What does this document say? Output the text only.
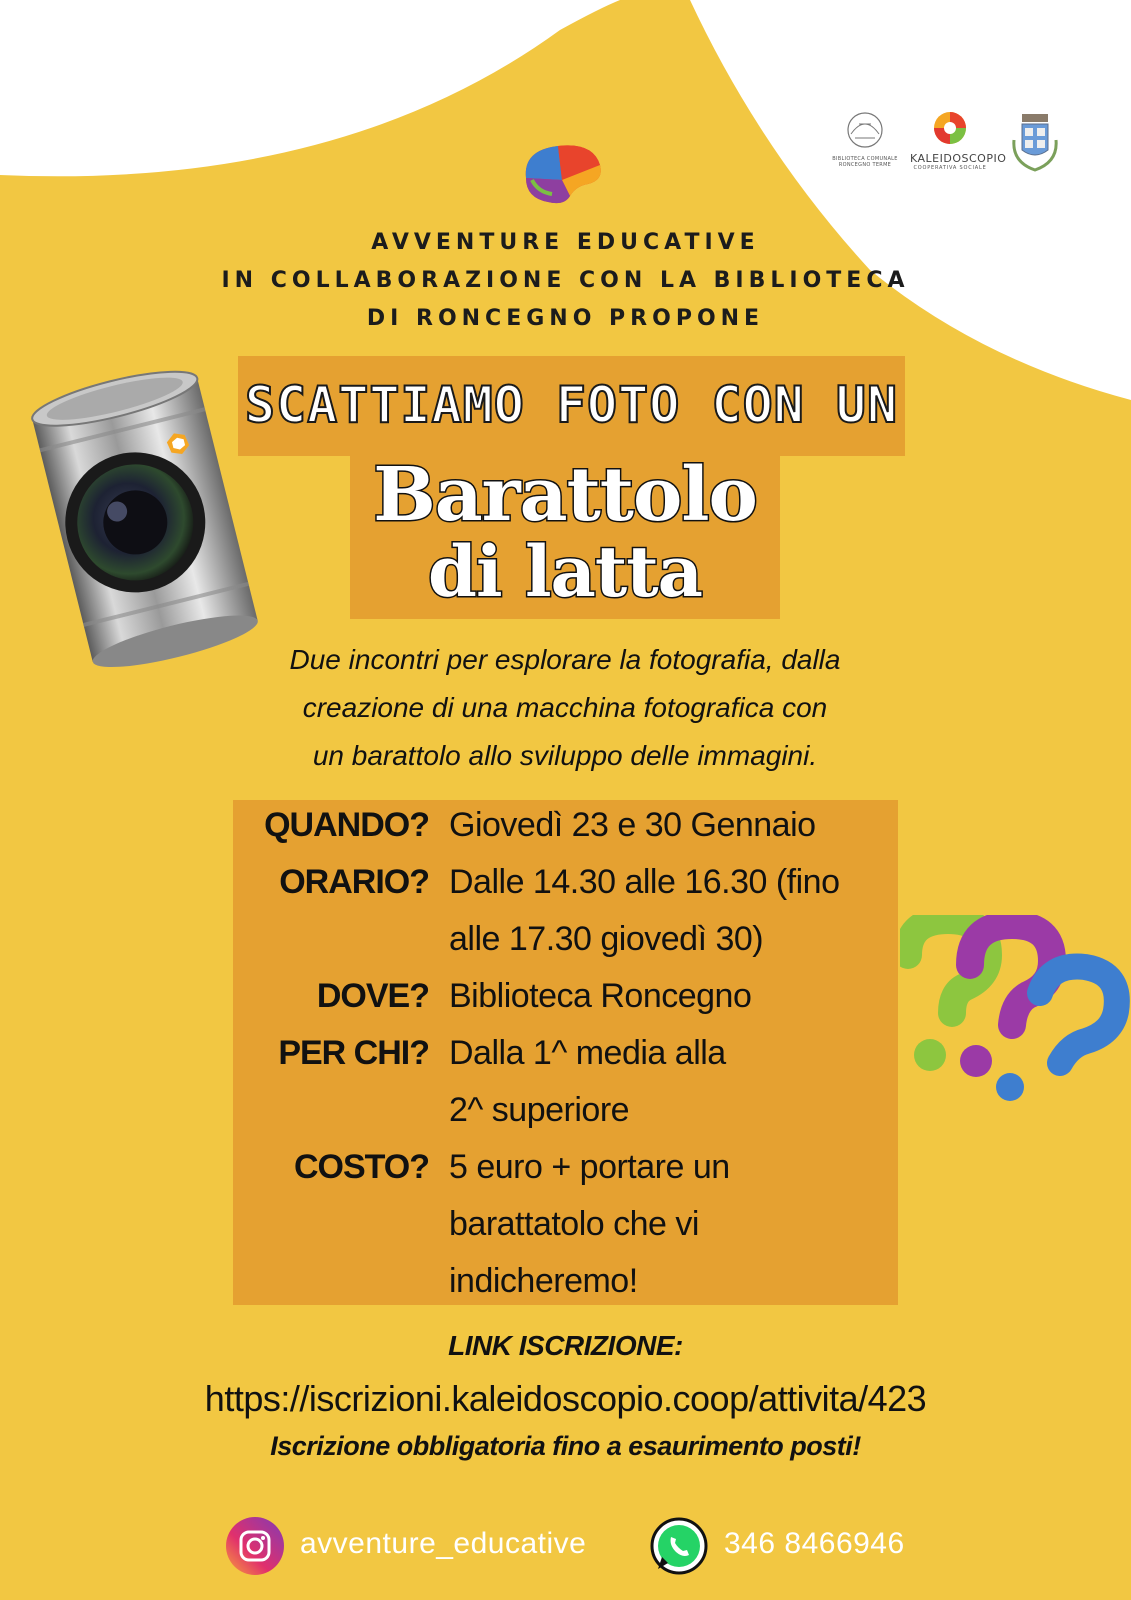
BIBLIOTECA COMUNALE
RONCEGNO TERME	KALEIDOSCOPIO
COOPERATIVA SOCIALE
AVVENTURE EDUCATIVE
IN COLLABORAZIONE CON LA BIBLIOTECA
DI RONCEGNO PROPONE
SCATTIAMO FOTO CON UN
Barattolo
di latta
Due incontri per esplorare la fotografia, dalla
creazione di una macchina fotografica con
un barattolo allo sviluppo delle immagini.
QUANDO? Giovedì 23 e 30 Gennaio
ORARIO? Dalle 14.30 alle 16.30 (fino
alle 17.30 giovedì 30)
DOVE? Biblioteca Roncegno
PER CHI? Dalla 1^ media alla
2^ superiore
COSTO? 5 euro + portare un
barattatolo che vi
indicheremo!
LINK ISCRIZIONE:
https://iscrizioni.kaleidoscopio.coop/attivita/423
Iscrizione obbligatoria fino a esaurimento posti!
avventure_educative	346 8466946
